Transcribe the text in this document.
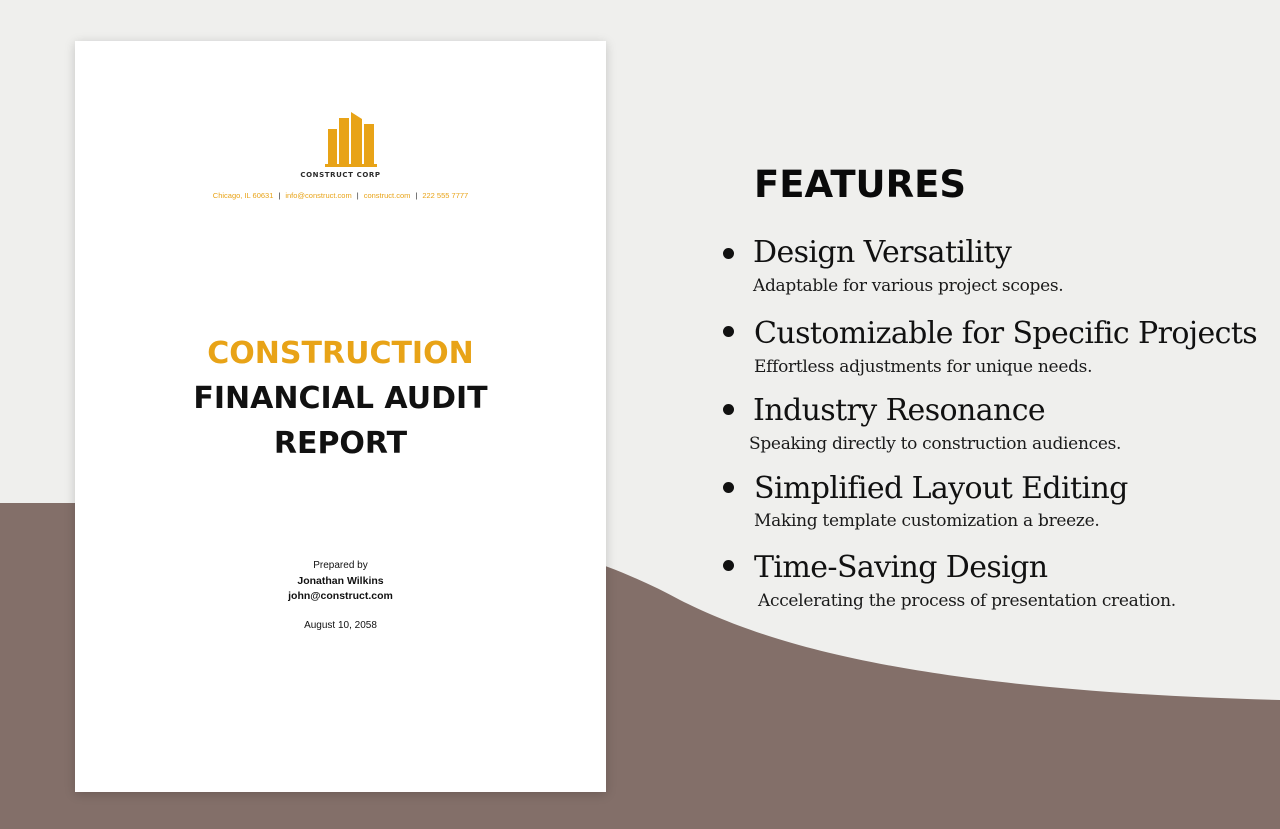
CONSTRUCT CORP
Chicago, IL 60631 | info@construct.com | construct.com | 222 555 7777
CONSTRUCTION
FINANCIAL AUDIT
REPORT
Prepared by
Jonathan Wilkins
john@construct.com
August 10, 2058
FEATURES
Design Versatility
Adaptable for various project scopes.
Customizable for Specific Projects
Effortless adjustments for unique needs.
Industry Resonance
Speaking directly to construction audiences.
Simplified Layout Editing
Making template customization a breeze.
Time-Saving Design
Accelerating the process of presentation creation.
